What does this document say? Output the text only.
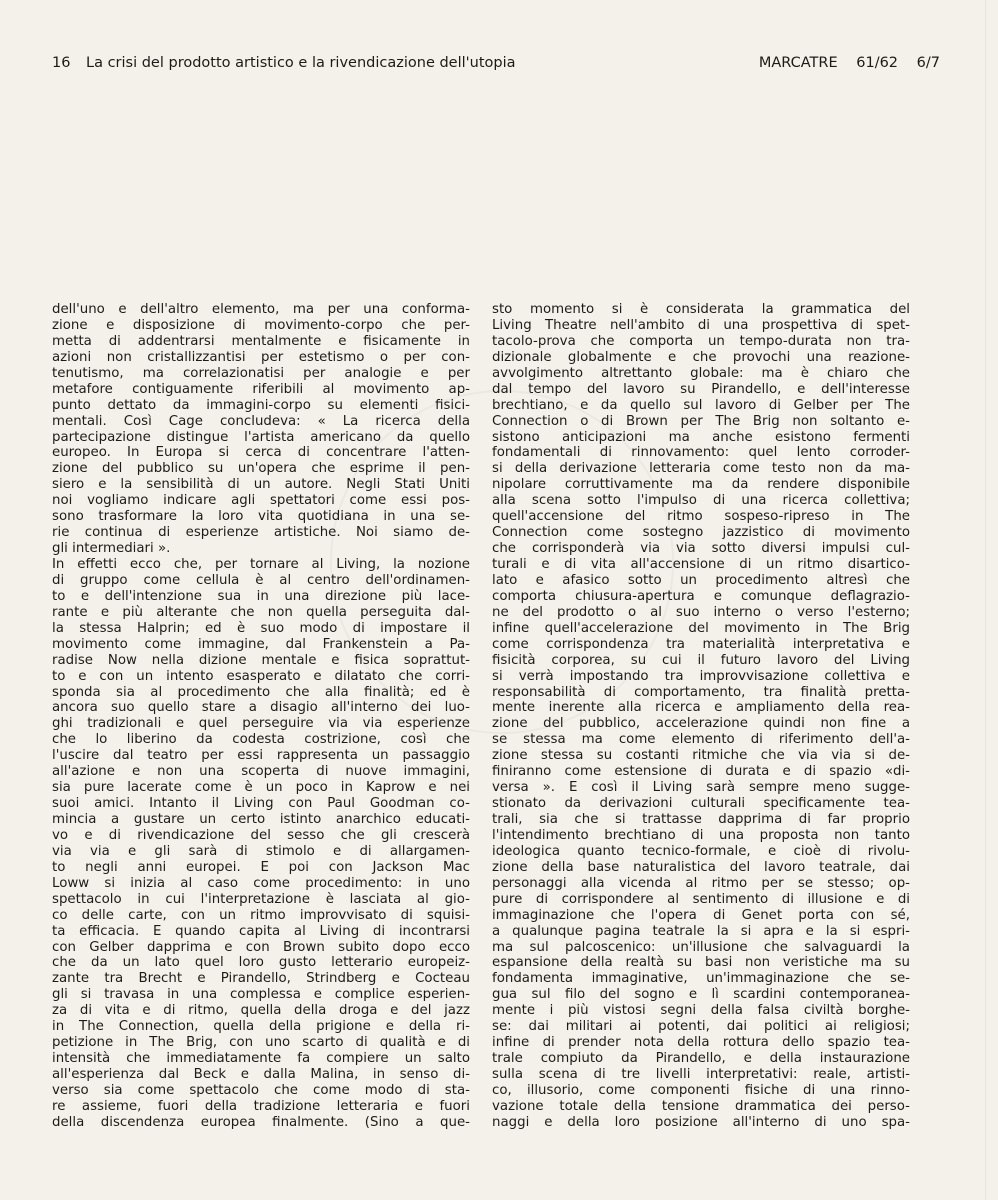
16	La crisi del prodotto artistico e la rivendicazione dell'utopia	MARCATRE 61/62 6/7
dell'uno e dell'altro elemento, ma per una conforma-
zione e disposizione di movimento-corpo che per-
metta di addentrarsi mentalmente e fisicamente in
azioni non cristallizzantisi per estetismo o per con-
tenutismo, ma correlazionatisi per analogie e per
metafore contiguamente riferibili al movimento ap-
punto dettato da immagini-corpo su elementi fisici-
mentali. Così Cage concludeva: « La ricerca della
partecipazione distingue l'artista americano da quello
europeo. In Europa si cerca di concentrare l'atten-
zione del pubblico su un'opera che esprime il pen-
siero e la sensibilità di un autore. Negli Stati Uniti
noi vogliamo indicare agli spettatori come essi pos-
sono trasformare la loro vita quotidiana in una se-
rie continua di esperienze artistiche. Noi siamo de-
gli intermediari ».
In effetti ecco che, per tornare al Living, la nozione
di gruppo come cellula è al centro dell'ordinamen-
to e dell'intenzione sua in una direzione più lace-
rante e più alterante che non quella perseguita dal-
la stessa Halprin; ed è suo modo di impostare il
movimento come immagine, dal Frankenstein a Pa-
radise Now nella dizione mentale e fisica soprattut-
to e con un intento esasperato e dilatato che corri-
sponda sia al procedimento che alla finalità; ed è
ancora suo quello stare a disagio all'interno dei luo-
ghi tradizionali e quel perseguire via via esperienze
che lo liberino da codesta costrizione, così che
l'uscire dal teatro per essi rappresenta un passaggio
all'azione e non una scoperta di nuove immagini,
sia pure lacerate come è un poco in Kaprow e nei
suoi amici. Intanto il Living con Paul Goodman co-
mincia a gustare un certo istinto anarchico educati-
vo e di rivendicazione del sesso che gli crescerà
via via e gli sarà di stimolo e di allargamen-
to negli anni europei. E poi con Jackson Mac
Loww si inizia al caso come procedimento: in uno
spettacolo in cui l'interpretazione è lasciata al gio-
co delle carte, con un ritmo improvvisato di squisi-
ta efficacia. E quando capita al Living di incontrarsi
con Gelber dapprima e con Brown subito dopo ecco
che da un lato quel loro gusto letterario europeiz-
zante tra Brecht e Pirandello, Strindberg e Cocteau
gli si travasa in una complessa e complice esperien-
za di vita e di ritmo, quella della droga e del jazz
in The Connection, quella della prigione e della ri-
petizione in The Brig, con uno scarto di qualità e di
intensità che immediatamente fa compiere un salto
all'esperienza dal Beck e dalla Malina, in senso di-
verso sia come spettacolo che come modo di sta-
re assieme, fuori della tradizione letteraria e fuori
della discendenza europea finalmente. (Sino a que-
sto momento si è considerata la grammatica del
Living Theatre nell'ambito di una prospettiva di spet-
tacolo-prova che comporta un tempo-durata non tra-
dizionale globalmente e che provochi una reazione-
avvolgimento altrettanto globale: ma è chiaro che
dal tempo del lavoro su Pirandello, e dell'interesse
brechtiano, e da quello sul lavoro di Gelber per The
Connection o di Brown per The Brig non soltanto e-
sistono anticipazioni ma anche esistono fermenti
fondamentali di rinnovamento: quel lento corroder-
si della derivazione letteraria come testo non da ma-
nipolare corruttivamente ma da rendere disponibile
alla scena sotto l'impulso di una ricerca collettiva;
quell'accensione del ritmo sospeso-ripreso in The
Connection come sostegno jazzistico di movimento
che corrisponderà via via sotto diversi impulsi cul-
turali e di vita all'accensione di un ritmo disartico-
lato e afasico sotto un procedimento altresì che
comporta chiusura-apertura e comunque deflagrazio-
ne del prodotto o al suo interno o verso l'esterno;
infine quell'accelerazione del movimento in The Brig
come corrispondenza tra materialità interpretativa e
fisicità corporea, su cui il futuro lavoro del Living
si verrà impostando tra improvvisazione collettiva e
responsabilità di comportamento, tra finalità pretta-
mente inerente alla ricerca e ampliamento della rea-
zione del pubblico, accelerazione quindi non fine a
se stessa ma come elemento di riferimento dell'a-
zione stessa su costanti ritmiche che via via si de-
finiranno come estensione di durata e di spazio «di-
versa ». E così il Living sarà sempre meno sugge-
stionato da derivazioni culturali specificamente tea-
trali, sia che si trattasse dapprima di far proprio
l'intendimento brechtiano di una proposta non tanto
ideologica quanto tecnico-formale, e cioè di rivolu-
zione della base naturalistica del lavoro teatrale, dai
personaggi alla vicenda al ritmo per se stesso; op-
pure di corrispondere al sentimento di illusione e di
immaginazione che l'opera di Genet porta con sé,
a qualunque pagina teatrale la si apra e la si espri-
ma sul palcoscenico: un'illusione che salvaguardi la
espansione della realtà su basi non veristiche ma su
fondamenta immaginative, un'immaginazione che se-
gua sul filo del sogno e lì scardini contemporanea-
mente i più vistosi segni della falsa civiltà borghe-
se: dai militari ai potenti, dai politici ai religiosi;
infine di prender nota della rottura dello spazio tea-
trale compiuto da Pirandello, e della instaurazione
sulla scena di tre livelli interpretativi: reale, artisti-
co, illusorio, come componenti fisiche di una rinno-
vazione totale della tensione drammatica dei perso-
naggi e della loro posizione all'interno di uno spa-
